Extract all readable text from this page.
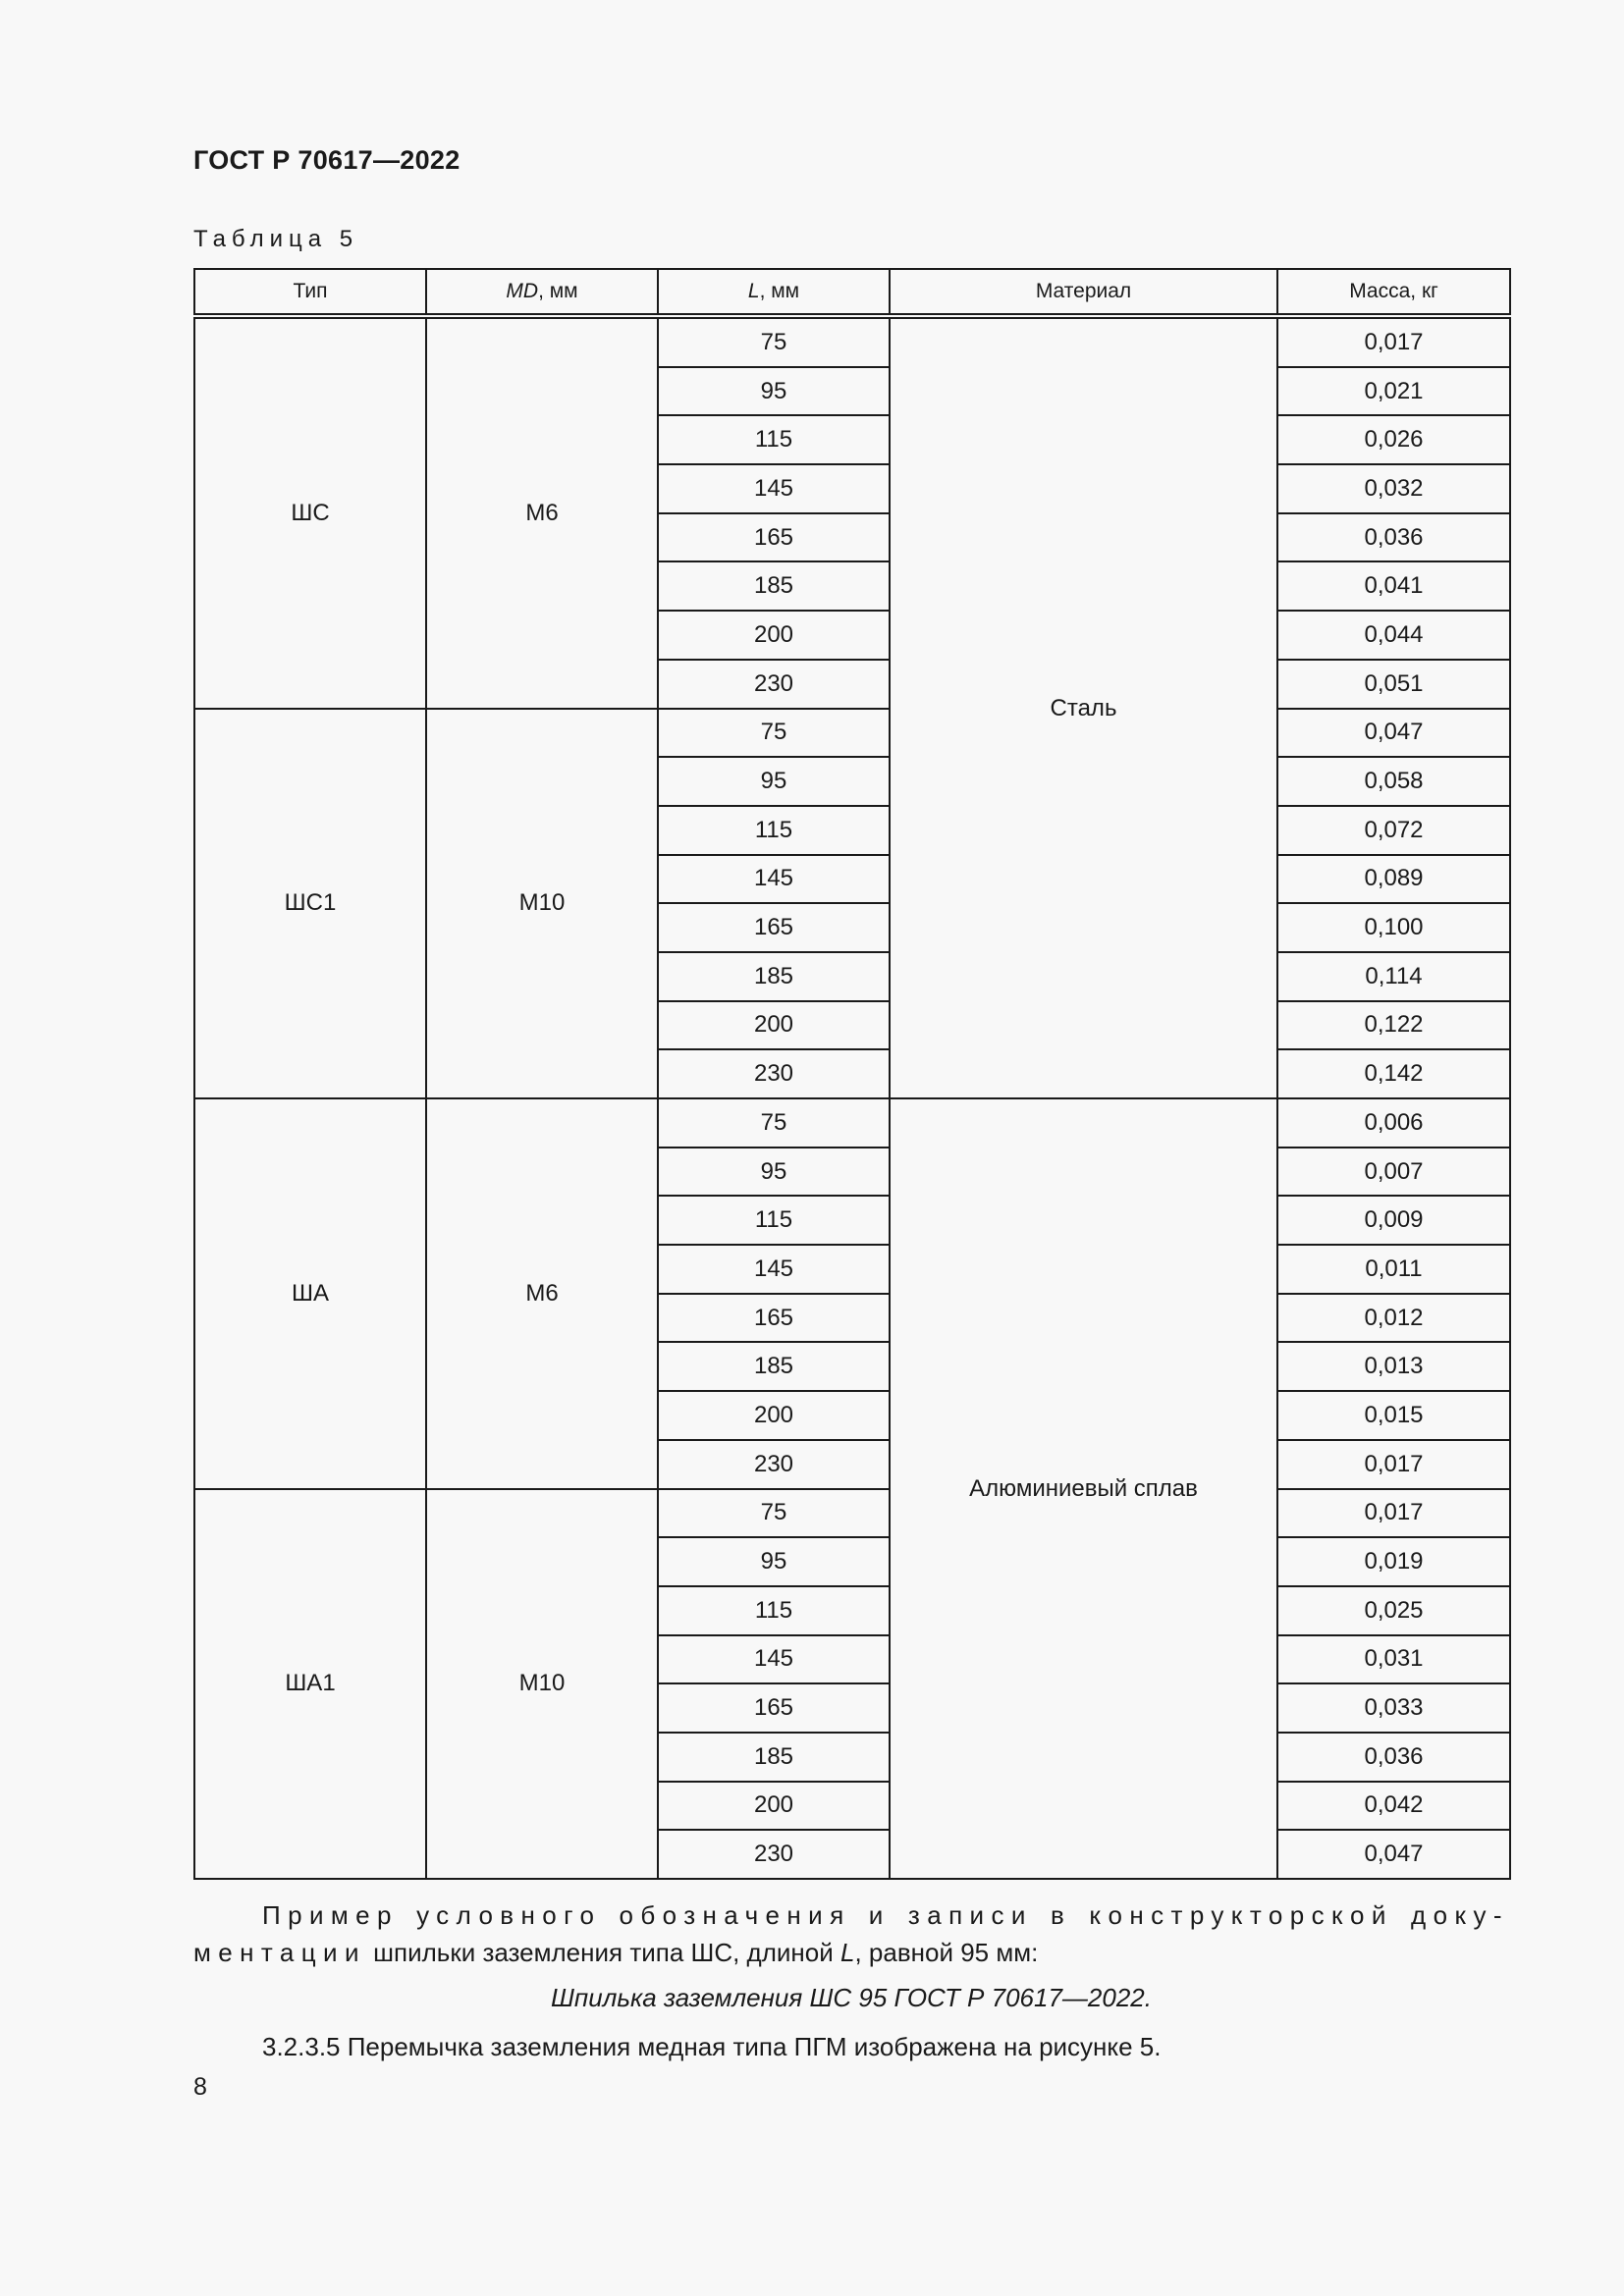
ГОСТ Р 70617—2022
Таблица 5
Тип	MD, мм	L, мм	Материал	Масса, кг
ШС	М6	75	Сталь	0,017
		95		0,021
		115		0,026
		145		0,032
		165		0,036
		185		0,041
		200		0,044
		230		0,051
ШС1	М10	75		0,047
		95		0,058
		115		0,072
		145		0,089
		165		0,100
		185		0,114
		200		0,122
		230		0,142
ША	М6	75	Алюминиевый сплав	0,006
		95		0,007
		115		0,009
		145		0,011
		165		0,012
		185		0,013
		200		0,015
		230		0,017
ША1	М10	75		0,017
		95		0,019
		115		0,025
		145		0,031
		165		0,033
		185		0,036
		200		0,042
		230		0,047
Пример условного обозначения и записи в конструкторской доку-
ментации шпильки заземления типа ШС, длиной L, равной 95 мм:
Шпилька заземления ШС 95 ГОСТ Р 70617—2022.
3.2.3.5 Перемычка заземления медная типа ПГМ изображена на рисунке 5.
8
